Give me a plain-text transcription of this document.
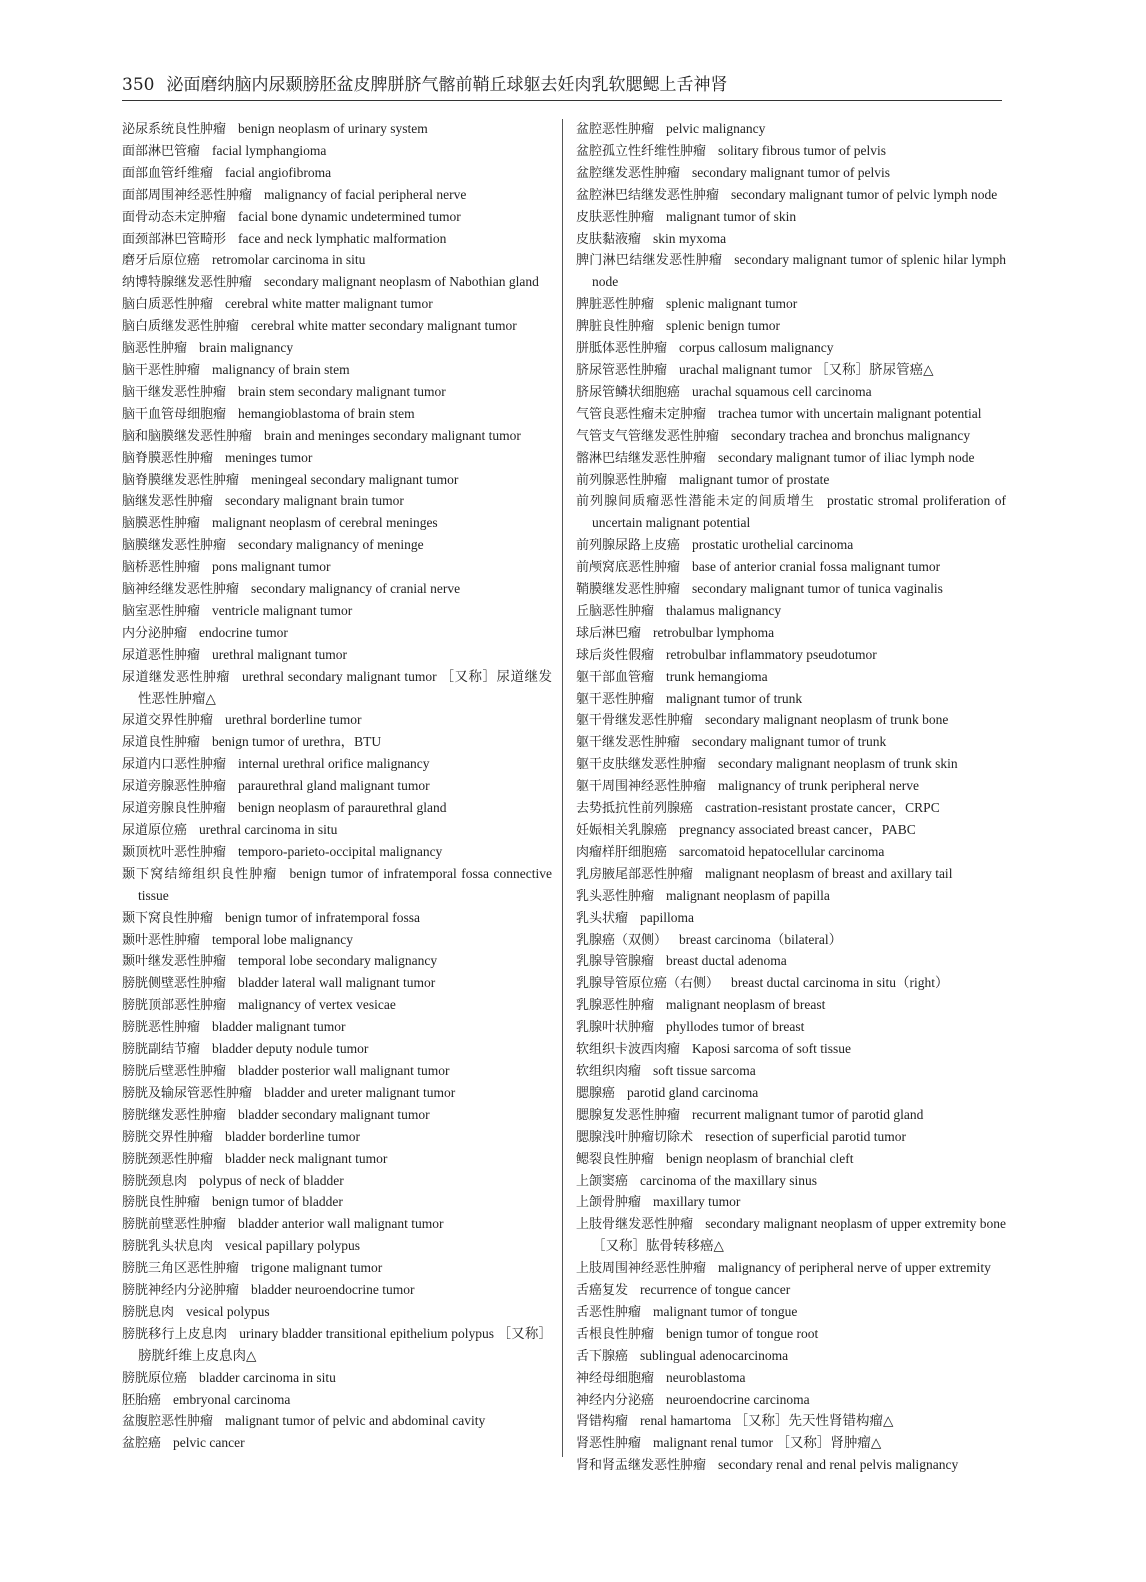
350 泌面磨纳脑内尿颞膀胚盆皮脾胼脐气髂前鞘丘球躯去妊肉乳软腮鳃上舌神肾
泌尿系统良性肿瘤 benign neoplasm of urinary system
面部淋巴管瘤 facial lymphangioma
面部血管纤维瘤 facial angiofibroma
面部周围神经恶性肿瘤 malignancy of facial peripheral nerve
面骨动态未定肿瘤 facial bone dynamic undetermined tumor
面颈部淋巴管畸形 face and neck lymphatic malformation
磨牙后原位癌 retromolar carcinoma in situ
纳博特腺继发恶性肿瘤 secondary malignant neoplasm of Nabothian gland
脑白质恶性肿瘤 cerebral white matter malignant tumor
脑白质继发恶性肿瘤 cerebral white matter secondary malignant tumor
脑恶性肿瘤 brain malignancy
脑干恶性肿瘤 malignancy of brain stem
脑干继发恶性肿瘤 brain stem secondary malignant tumor
脑干血管母细胞瘤 hemangioblastoma of brain stem
脑和脑膜继发恶性肿瘤 brain and meninges secondary malignant tumor
脑脊膜恶性肿瘤 meninges tumor
脑脊膜继发恶性肿瘤 meningeal secondary malignant tumor
脑继发恶性肿瘤 secondary malignant brain tumor
脑膜恶性肿瘤 malignant neoplasm of cerebral meninges
脑膜继发恶性肿瘤 secondary malignancy of meninge
脑桥恶性肿瘤 pons malignant tumor
脑神经继发恶性肿瘤 secondary malignancy of cranial nerve
脑室恶性肿瘤 ventricle malignant tumor
内分泌肿瘤 endocrine tumor
尿道恶性肿瘤 urethral malignant tumor
尿道继发恶性肿瘤 urethral secondary malignant tumor ［又称］尿道继发性恶性肿瘤△
尿道交界性肿瘤 urethral borderline tumor
尿道良性肿瘤 benign tumor of urethra，BTU
尿道内口恶性肿瘤 internal urethral orifice malignancy
尿道旁腺恶性肿瘤 paraurethral gland malignant tumor
尿道旁腺良性肿瘤 benign neoplasm of paraurethral gland
尿道原位癌 urethral carcinoma in situ
颞顶枕叶恶性肿瘤 temporo-parieto-occipital malignancy
颞下窝结缔组织良性肿瘤 benign tumor of infratemporal fossa connective tissue
颞下窝良性肿瘤 benign tumor of infratemporal fossa
颞叶恶性肿瘤 temporal lobe malignancy
颞叶继发恶性肿瘤 temporal lobe secondary malignancy
膀胱侧壁恶性肿瘤 bladder lateral wall malignant tumor
膀胱顶部恶性肿瘤 malignancy of vertex vesicae
膀胱恶性肿瘤 bladder malignant tumor
膀胱副结节瘤 bladder deputy nodule tumor
膀胱后壁恶性肿瘤 bladder posterior wall malignant tumor
膀胱及输尿管恶性肿瘤 bladder and ureter malignant tumor
膀胱继发恶性肿瘤 bladder secondary malignant tumor
膀胱交界性肿瘤 bladder borderline tumor
膀胱颈恶性肿瘤 bladder neck malignant tumor
膀胱颈息肉 polypus of neck of bladder
膀胱良性肿瘤 benign tumor of bladder
膀胱前壁恶性肿瘤 bladder anterior wall malignant tumor
膀胱乳头状息肉 vesical papillary polypus
膀胱三角区恶性肿瘤 trigone malignant tumor
膀胱神经内分泌肿瘤 bladder neuroendocrine tumor
膀胱息肉 vesical polypus
膀胱移行上皮息肉 urinary bladder transitional epithelium polypus ［又称］膀胱纤维上皮息肉△
膀胱原位癌 bladder carcinoma in situ
胚胎癌 embryonal carcinoma
盆腹腔恶性肿瘤 malignant tumor of pelvic and abdominal cavity
盆腔癌 pelvic cancer
盆腔恶性肿瘤 pelvic malignancy
盆腔孤立性纤维性肿瘤 solitary fibrous tumor of pelvis
盆腔继发恶性肿瘤 secondary malignant tumor of pelvis
盆腔淋巴结继发恶性肿瘤 secondary malignant tumor of pelvic lymph node
皮肤恶性肿瘤 malignant tumor of skin
皮肤黏液瘤 skin myxoma
脾门淋巴结继发恶性肿瘤 secondary malignant tumor of splenic hilar lymph node
脾脏恶性肿瘤 splenic malignant tumor
脾脏良性肿瘤 splenic benign tumor
胼胝体恶性肿瘤 corpus callosum malignancy
脐尿管恶性肿瘤 urachal malignant tumor ［又称］脐尿管癌△
脐尿管鳞状细胞癌 urachal squamous cell carcinoma
气管良恶性瘤未定肿瘤 trachea tumor with uncertain malignant potential
气管支气管继发恶性肿瘤 secondary trachea and bronchus malignancy
髂淋巴结继发恶性肿瘤 secondary malignant tumor of iliac lymph node
前列腺恶性肿瘤 malignant tumor of prostate
前列腺间质瘤恶性潜能未定的间质增生 prostatic stromal proliferation of uncertain malignant potential
前列腺尿路上皮癌 prostatic urothelial carcinoma
前颅窝底恶性肿瘤 base of anterior cranial fossa malignant tumor
鞘膜继发恶性肿瘤 secondary malignant tumor of tunica vaginalis
丘脑恶性肿瘤 thalamus malignancy
球后淋巴瘤 retrobulbar lymphoma
球后炎性假瘤 retrobulbar inflammatory pseudotumor
躯干部血管瘤 trunk hemangioma
躯干恶性肿瘤 malignant tumor of trunk
躯干骨继发恶性肿瘤 secondary malignant neoplasm of trunk bone
躯干继发恶性肿瘤 secondary malignant tumor of trunk
躯干皮肤继发恶性肿瘤 secondary malignant neoplasm of trunk skin
躯干周围神经恶性肿瘤 malignancy of trunk peripheral nerve
去势抵抗性前列腺癌 castration-resistant prostate cancer，CRPC
妊娠相关乳腺癌 pregnancy associated breast cancer，PABC
肉瘤样肝细胞癌 sarcomatoid hepatocellular carcinoma
乳房腋尾部恶性肿瘤 malignant neoplasm of breast and axillary tail
乳头恶性肿瘤 malignant neoplasm of papilla
乳头状瘤 papilloma
乳腺癌（双侧） breast carcinoma（bilateral）
乳腺导管腺瘤 breast ductal adenoma
乳腺导管原位癌（右侧） breast ductal carcinoma in situ（right）
乳腺恶性肿瘤 malignant neoplasm of breast
乳腺叶状肿瘤 phyllodes tumor of breast
软组织卡波西肉瘤 Kaposi sarcoma of soft tissue
软组织肉瘤 soft tissue sarcoma
腮腺癌 parotid gland carcinoma
腮腺复发恶性肿瘤 recurrent malignant tumor of parotid gland
腮腺浅叶肿瘤切除术 resection of superficial parotid tumor
鳃裂良性肿瘤 benign neoplasm of branchial cleft
上颌窦癌 carcinoma of the maxillary sinus
上颌骨肿瘤 maxillary tumor
上肢骨继发恶性肿瘤 secondary malignant neoplasm of upper extremity bone ［又称］肱骨转移癌△
上肢周围神经恶性肿瘤 malignancy of peripheral nerve of upper extremity
舌癌复发 recurrence of tongue cancer
舌恶性肿瘤 malignant tumor of tongue
舌根良性肿瘤 benign tumor of tongue root
舌下腺癌 sublingual adenocarcinoma
神经母细胞瘤 neuroblastoma
神经内分泌癌 neuroendocrine carcinoma
肾错构瘤 renal hamartoma ［又称］先天性肾错构瘤△
肾恶性肿瘤 malignant renal tumor ［又称］肾肿瘤△
肾和肾盂继发恶性肿瘤 secondary renal and renal pelvis malignancy
